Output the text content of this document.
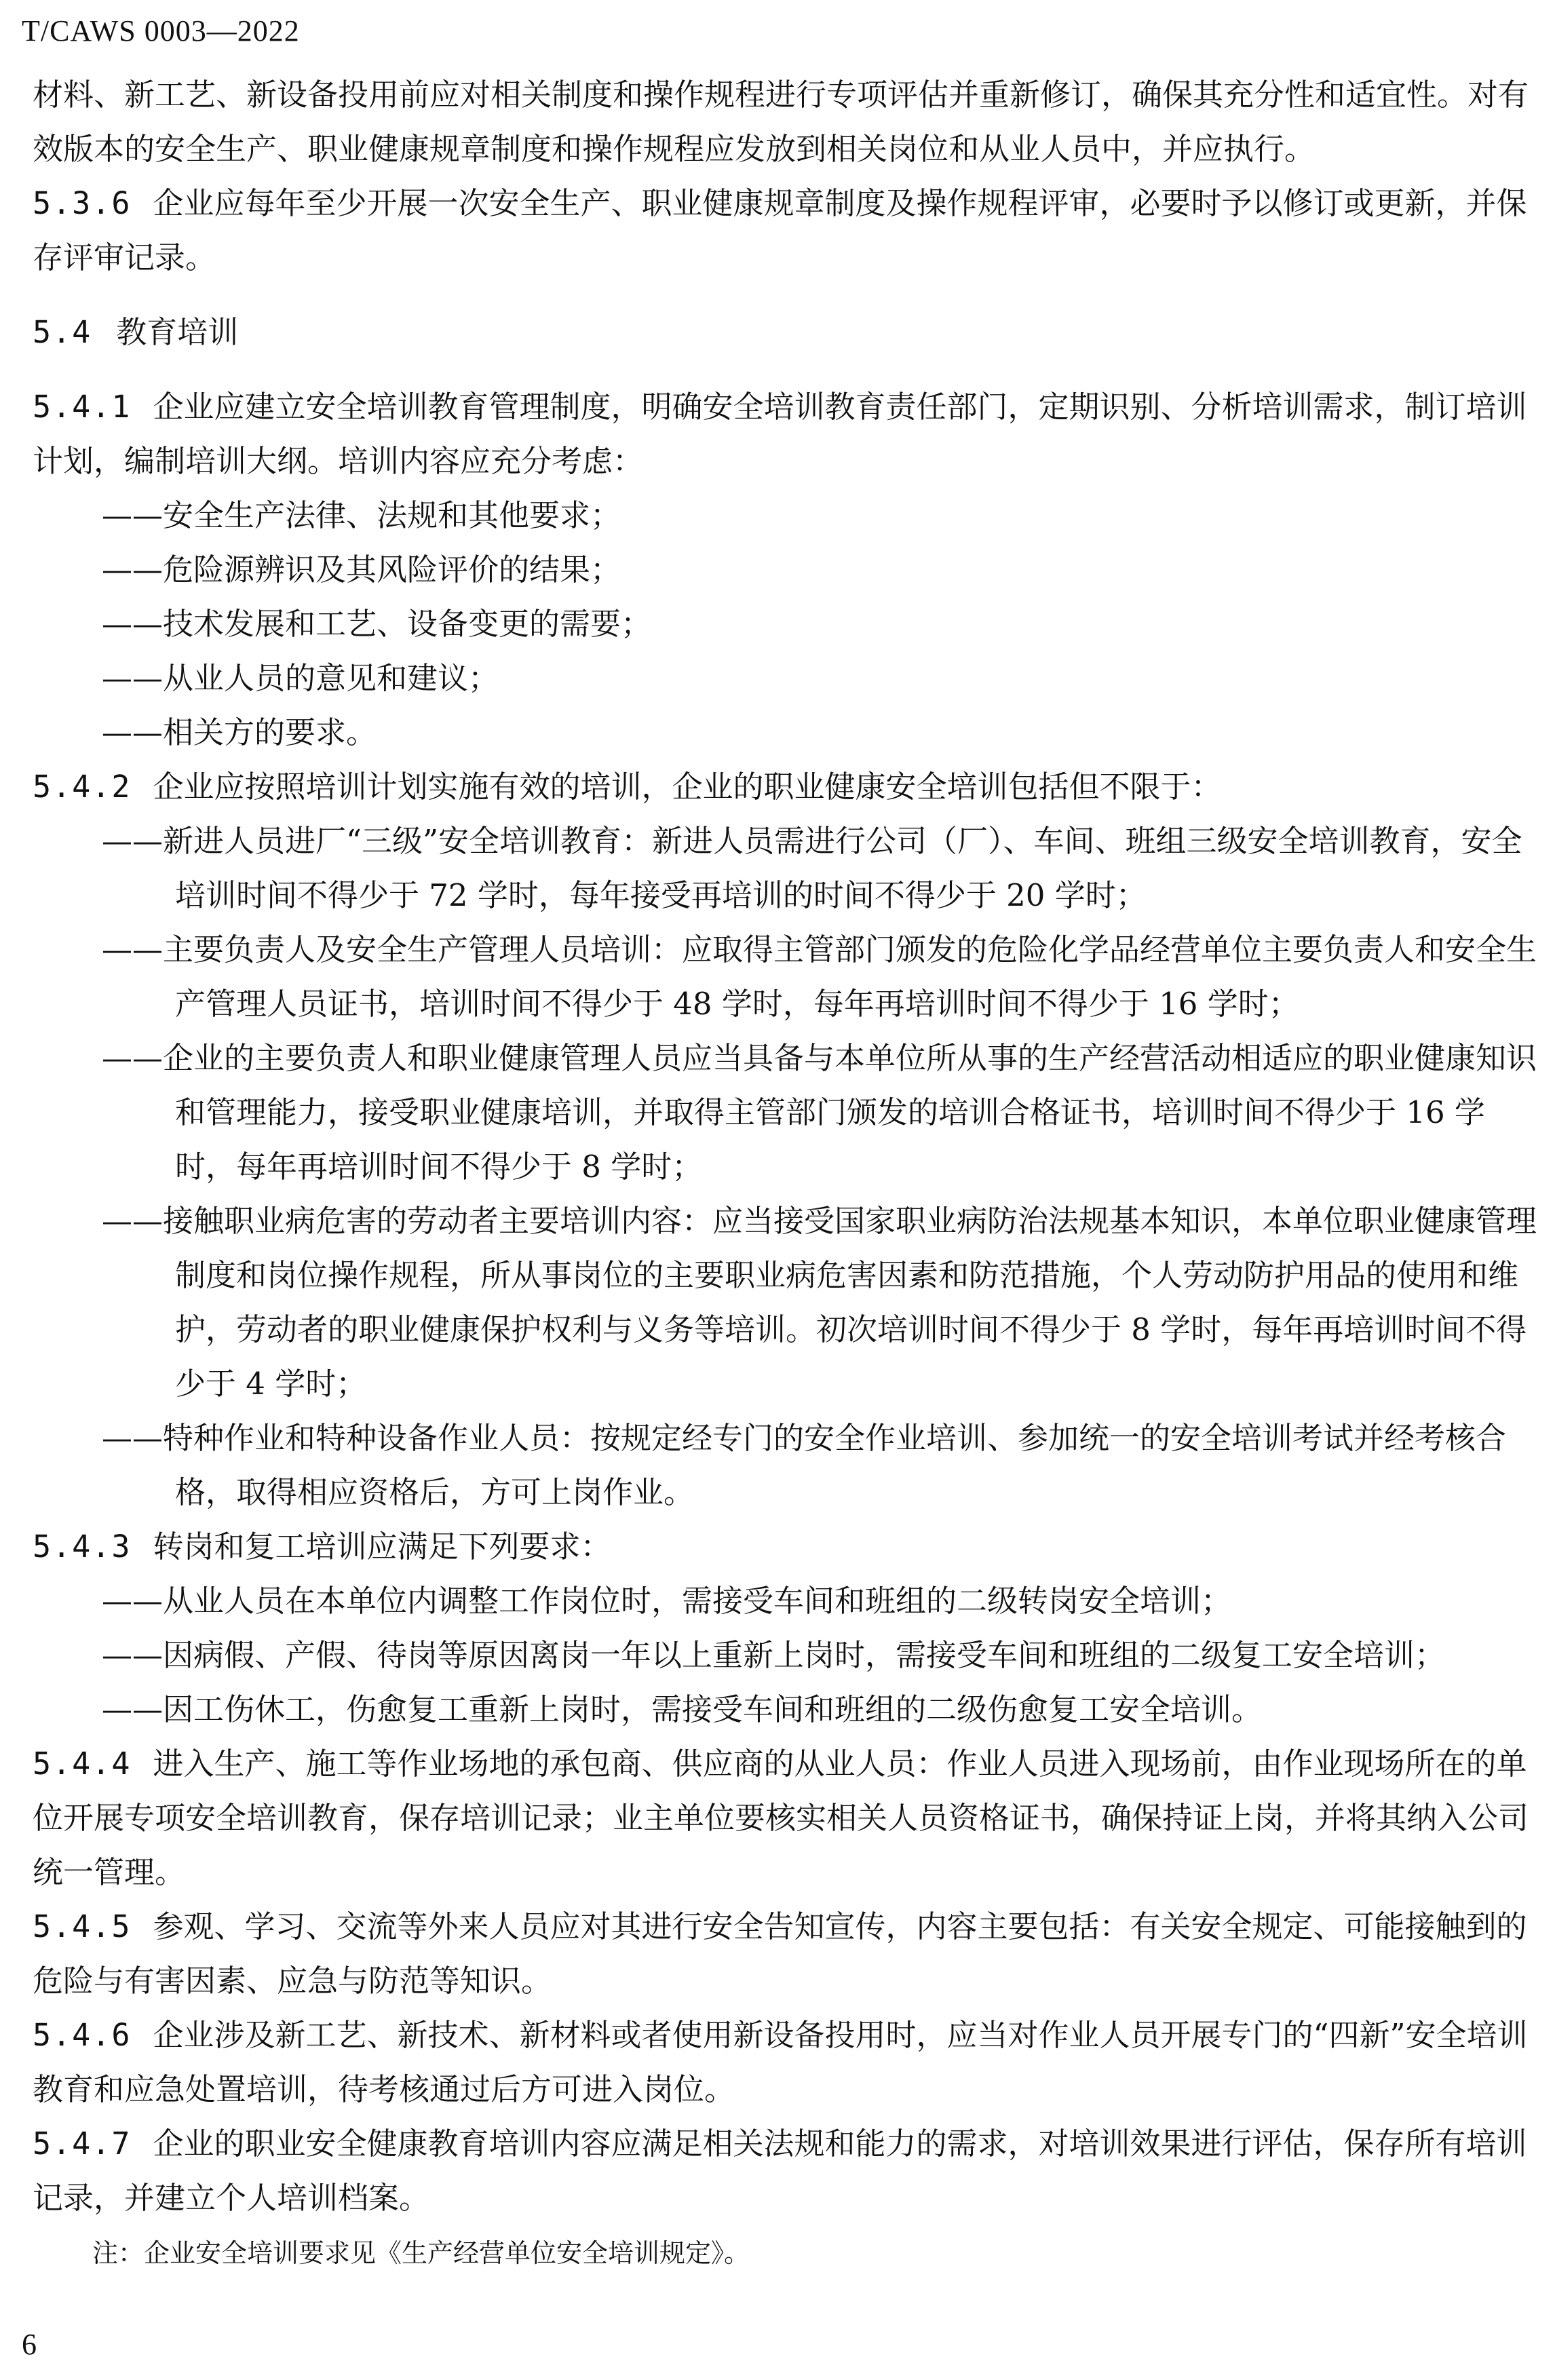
T/CAWS 0003—2022

材料、新工艺、新设备投用前应对相关制度和操作规程进行专项评估并重新修订，确保其充分性和适宜性。对有效版本的安全生产、职业健康规章制度和操作规程应发放到相关岗位和从业人员中，并应执行。

5.3.6 企业应每年至少开展一次安全生产、职业健康规章制度及操作规程评审，必要时予以修订或更新，并保存评审记录。

5.4 教育培训

5.4.1 企业应建立安全培训教育管理制度，明确安全培训教育责任部门，定期识别、分析培训需求，制订培训计划，编制培训大纲。培训内容应充分考虑：

——安全生产法律、法规和其他要求；

——危险源辨识及其风险评价的结果；

——技术发展和工艺、设备变更的需要；

——从业人员的意见和建议；

——相关方的要求。

5.4.2 企业应按照培训计划实施有效的培训，企业的职业健康安全培训包括但不限于：

——新进人员进厂“三级”安全培训教育：新进人员需进行公司（厂）、车间、班组三级安全培训教育，安全培训时间不得少于 72 学时，每年接受再培训的时间不得少于 20 学时；

——主要负责人及安全生产管理人员培训：应取得主管部门颁发的危险化学品经营单位主要负责人和安全生产管理人员证书，培训时间不得少于 48 学时，每年再培训时间不得少于 16 学时；

——企业的主要负责人和职业健康管理人员应当具备与本单位所从事的生产经营活动相适应的职业健康知识和管理能力，接受职业健康培训，并取得主管部门颁发的培训合格证书，培训时间不得少于 16 学时，每年再培训时间不得少于 8 学时；

——接触职业病危害的劳动者主要培训内容：应当接受国家职业病防治法规基本知识，本单位职业健康管理制度和岗位操作规程，所从事岗位的主要职业病危害因素和防范措施，个人劳动防护用品的使用和维护，劳动者的职业健康保护权利与义务等培训。初次培训时间不得少于 8 学时，每年再培训时间不得少于 4 学时；

——特种作业和特种设备作业人员：按规定经专门的安全作业培训、参加统一的安全培训考试并经考核合格，取得相应资格后，方可上岗作业。

5.4.3 转岗和复工培训应满足下列要求：

——从业人员在本单位内调整工作岗位时，需接受车间和班组的二级转岗安全培训；

——因病假、产假、待岗等原因离岗一年以上重新上岗时，需接受车间和班组的二级复工安全培训；

——因工伤休工，伤愈复工重新上岗时，需接受车间和班组的二级伤愈复工安全培训。

5.4.4 进入生产、施工等作业场地的承包商、供应商的从业人员：作业人员进入现场前，由作业现场所在的单位开展专项安全培训教育，保存培训记录；业主单位要核实相关人员资格证书，确保持证上岗，并将其纳入公司统一管理。

5.4.5 参观、学习、交流等外来人员应对其进行安全告知宣传，内容主要包括：有关安全规定、可能接触到的危险与有害因素、应急与防范等知识。

5.4.6 企业涉及新工艺、新技术、新材料或者使用新设备投用时，应当对作业人员开展专门的“四新”安全培训教育和应急处置培训，待考核通过后方可进入岗位。

5.4.7 企业的职业安全健康教育培训内容应满足相关法规和能力的需求，对培训效果进行评估，保存所有培训记录，并建立个人培训档案。

注：企业安全培训要求见《生产经营单位安全培训规定》。

6
